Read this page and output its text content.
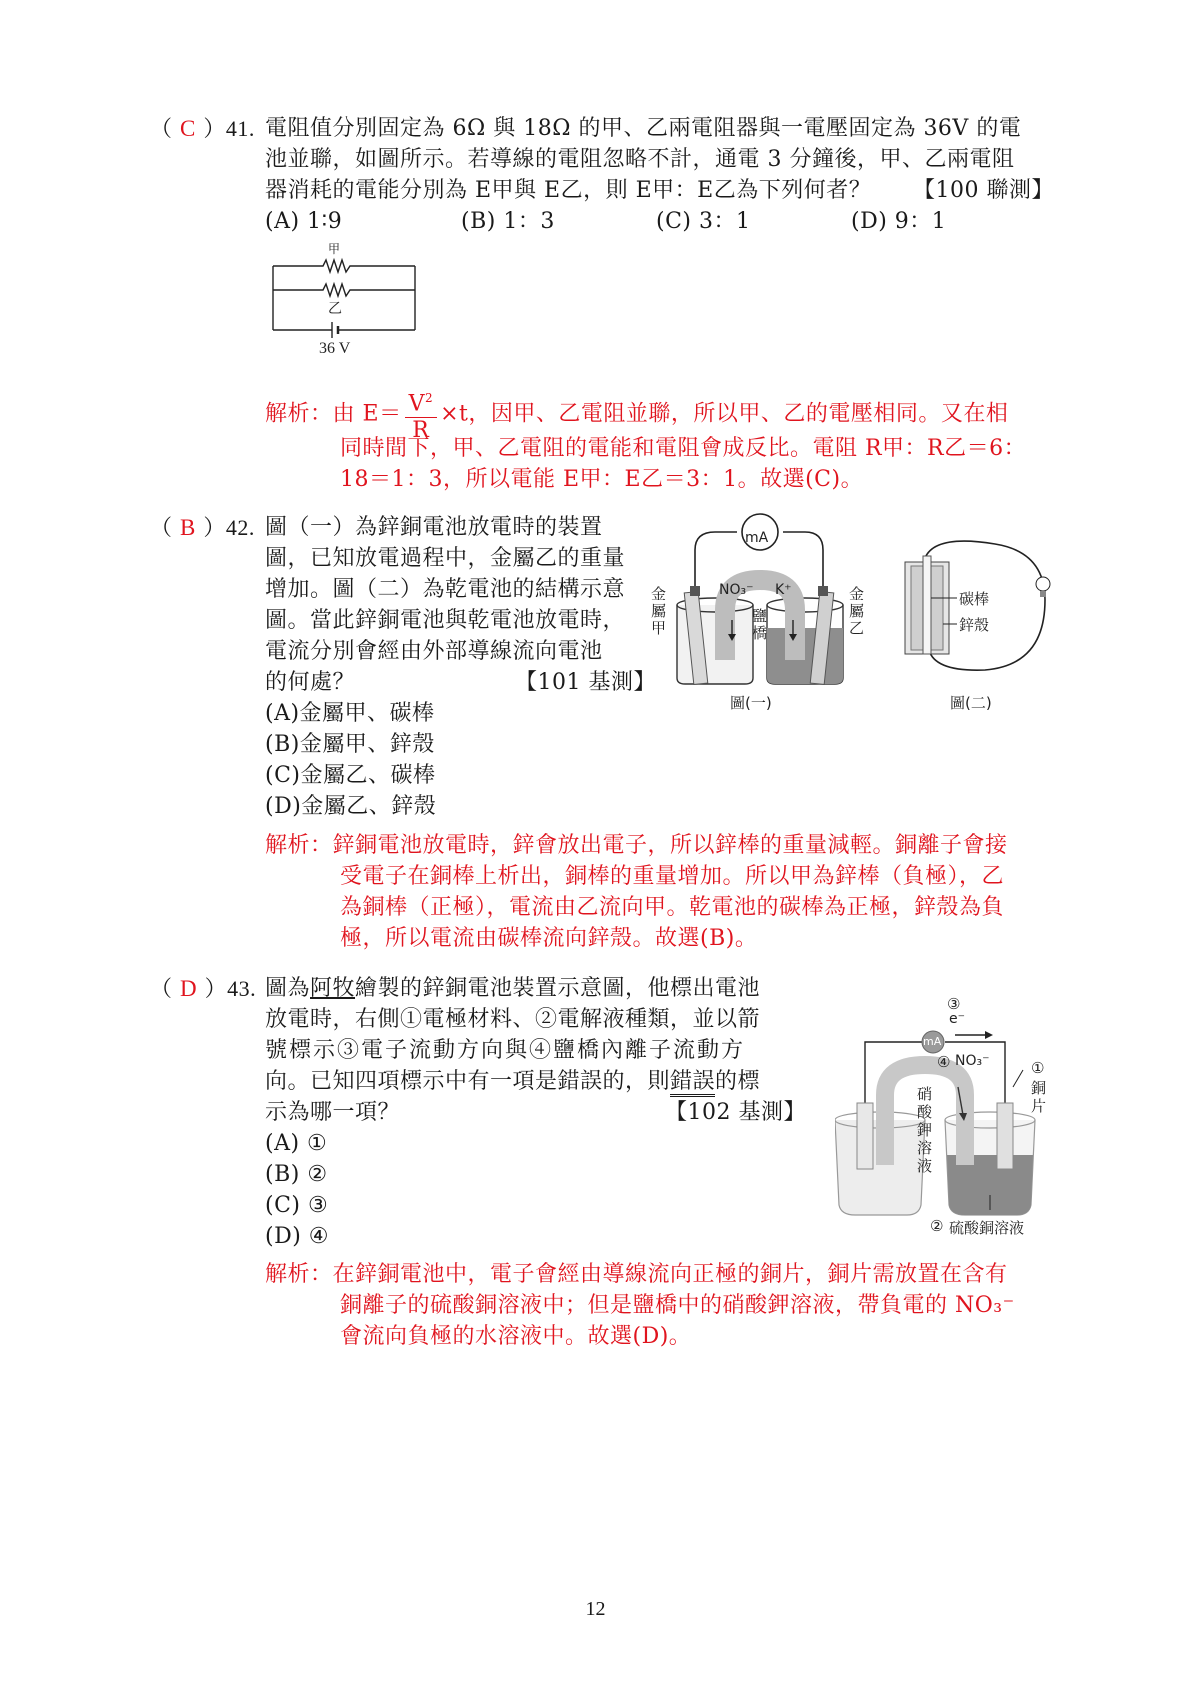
（ C ）41. 電阻值分別固定為 6Ω 與 18Ω 的甲、乙兩電阻器與一電壓固定為 36V 的電
池並聯，如圖所示。若導線的電阻忽略不計，通電 3 分鐘後，甲、乙兩電阻
器消耗的電能分別為 E甲與 E乙，則 E甲：E乙為下列何者？ 【100 聯測】
(A) 1∶9	(B) 1：3	(C) 3：1	(D) 9：1
甲
乙
36 V
解析：由 $E= \frac{V^2}{R} \times t$，因甲、乙電阻並聯，所以甲、乙的電壓相同。又在相
同時間下，甲、乙電阻的電能和電阻會成反比。電阻 R甲：R乙＝6：
18＝1：3，所以電能 E甲：E乙＝3：1。故選(C)。
（ B ）42. 圖（一）為鋅銅電池放電時的裝置
圖，已知放電過程中，金屬乙的重量
增加。圖（二）為乾電池的結構示意
圖。當此鋅銅電池與乾電池放電時，
電流分別會經由外部導線流向電池
的何處？	【101 基測】
(A)金屬甲、碳棒
(B)金屬甲、鋅殼
(C)金屬乙、碳棒
(D)金屬乙、鋅殼
mA
NO₃⁻ K⁺
鹽橋
金屬甲
金屬乙
圖(一)
碳棒
鋅殼
圖(二)
解析：鋅銅電池放電時，鋅會放出電子，所以鋅棒的重量減輕。銅離子會接
受電子在銅棒上析出，銅棒的重量增加。所以甲為鋅棒（負極），乙
為銅棒（正極），電流由乙流向甲。乾電池的碳棒為正極，鋅殼為負
極，所以電流由碳棒流向鋅殼。故選(B)。
（ D ）43. 圖為阿牧繪製的鋅銅電池裝置示意圖，他標出電池
放電時，右側①電極材料、②電解液種類，並以箭
號標示③電子流動方向與④鹽橋內離子流動方
向。已知四項標示中有一項是錯誤的，則錯誤的標
示為哪一項？	【102 基測】
(A) ①
(B) ②
(C) ③
(D) ④
mA
③
e⁻
④ NO₃⁻	①
銅片
硝酸鉀溶液
② 硫酸銅溶液
解析：在鋅銅電池中，電子會經由導線流向正極的銅片，銅片需放置在含有
銅離子的硫酸銅溶液中；但是鹽橋中的硝酸鉀溶液，帶負電的 NO₃⁻
會流向負極的水溶液中。故選(D)。
12
